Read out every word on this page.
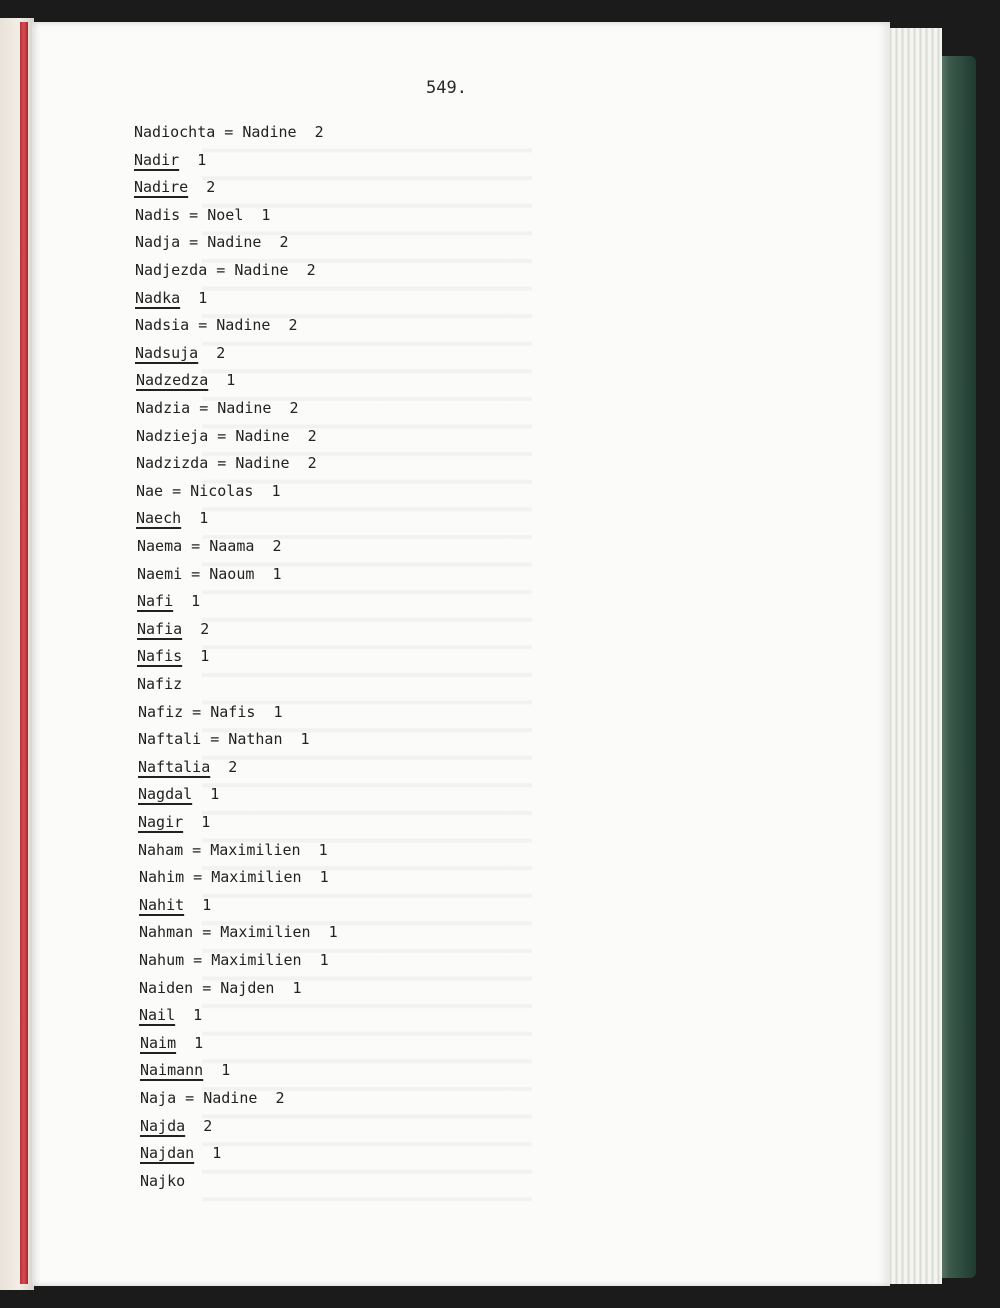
549.

Nadiochta = Nadine  2
Nadir  1
Nadire  2
Nadis = Noel  1
Nadja = Nadine  2
Nadjezda = Nadine  2
Nadka  1
Nadsia = Nadine  2
Nadsuja  2
Nadzedza  1
Nadzia = Nadine  2
Nadzieja = Nadine  2
Nadzizda = Nadine  2
Nae = Nicolas  1
Naech  1
Naema = Naama  2
Naemi = Naoum  1
Nafi  1
Nafia  2
Nafis  1
Nafiz
Nafiz = Nafis  1
Naftali = Nathan  1
Naftalia  2
Nagdal  1
Nagir  1
Naham = Maximilien  1
Nahim = Maximilien  1
Nahit  1
Nahman = Maximilien  1
Nahum = Maximilien  1
Naiden = Najden  1
Nail  1
Naim  1
Naimann  1
Naja = Nadine  2
Najda  2
Najdan  1
Najko
